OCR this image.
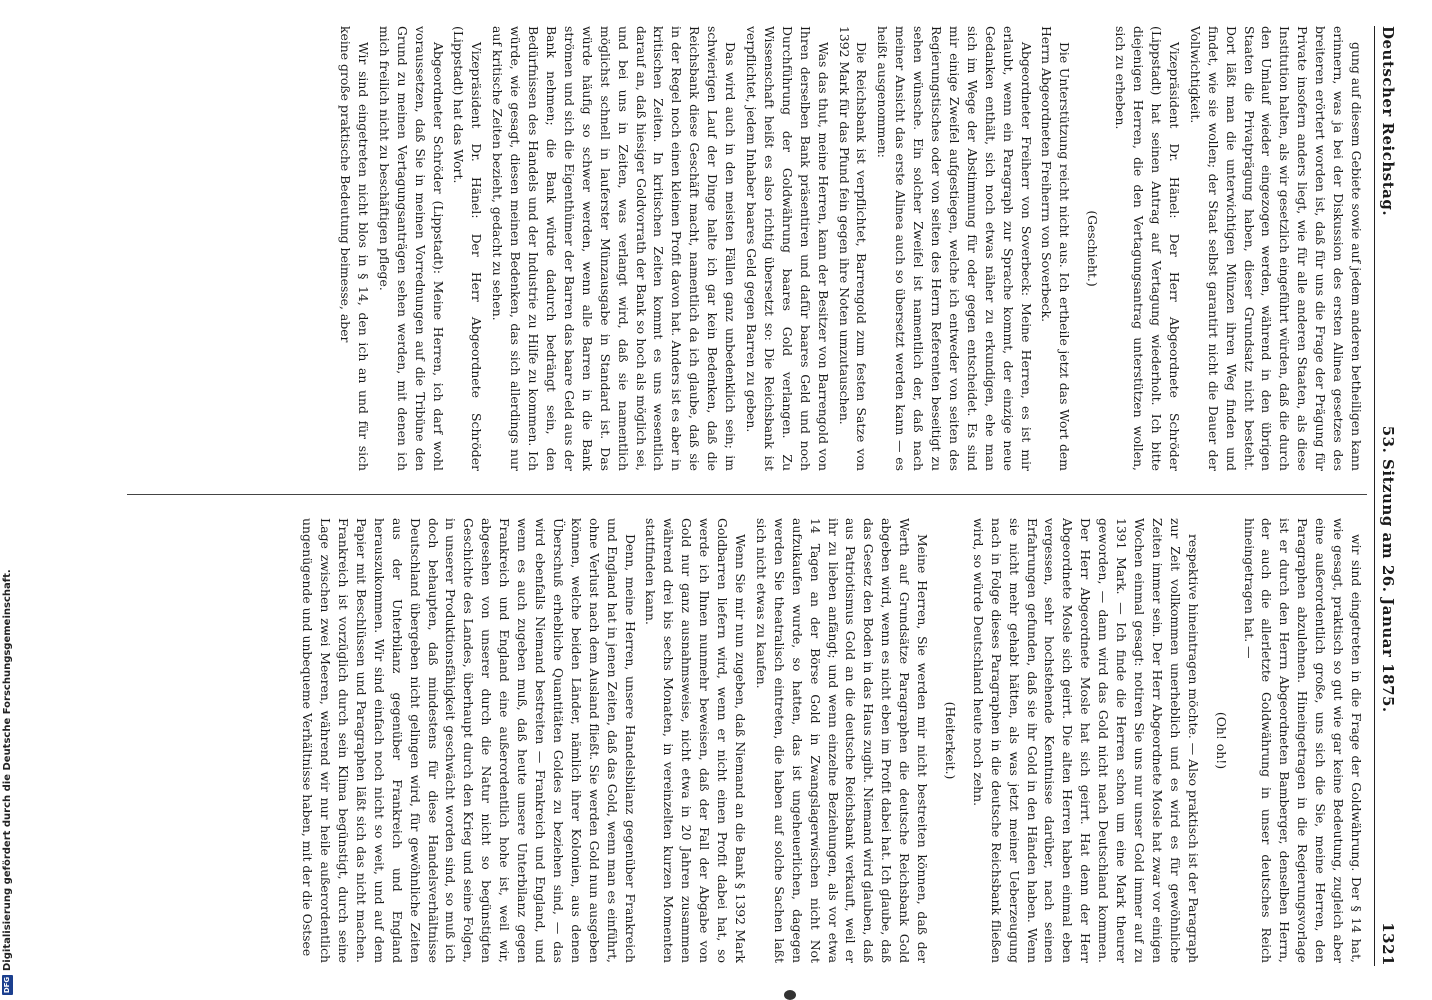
Deutscher Reichstag.
53. Sitzung am 26. Januar 1875.
1321

gung auf diesem Gebiete sowie auf jedem anderen betheiligen kann erinnern, was ja bei der Diskussion des ersten Alinea gesetzes des breiteren erörtert worden ist, daß für uns die Frage der Prägung für Private insofern anders liegt, wie für alle anderen Staaten, als diese Institution halten, als wir gesetzlich eingeführt würden, daß die durch den Umlauf wieder eingezogen werden, während in den übrigen Staaten die Privatprägung haben, dieser Grundsatz nicht besteht. Dort läßt man die unterwichtigen Münzen ihren Weg finden und findet, wie sie wollen; der Staat selbst garantirt nicht die Dauer der Vollwichtigkeit.

Vizepräsident Dr. Hänel: Der Herr Abgeordnete Schröder (Lippstadt) hat seinen Antrag auf Vertagung wiederholt. Ich bitte diejenigen Herren, die den Vertagungsantrag unterstützen wollen, sich zu erheben.

(Geschieht.)

Die Unterstützung reicht nicht aus. Ich ertheile jetzt das Wort dem Herrn Abgeordneten Freiherrn von Soverbeck.

Abgeordneter Freiherr von Soverbeck: Meine Herren, es ist mir erlaubt, wenn ein Paragraph zur Sprache kommt, der einzige neue Gedanken enthält, sich noch etwas näher zu erkundigen, ehe man sich im Wege der Abstimmung für oder gegen entscheidet. Es sind mir einige Zweifel aufgestiegen, welche ich entweder von seiten des Regierungstisches oder von seiten des Herrn Referenten beseitigt zu sehen wünsche. Ein solcher Zweifel ist namentlich der, daß nach meiner Ansicht das erste Alinea auch so übersetzt werden kann — es heißt ausgenommen:

Die Reichsbank ist verpflichtet, Barrengold zum festen Satze von 1392 Mark für das Pfund fein gegen ihre Noten umzutauschen.

Was das thut, meine Herren, kann der Besitzer von Barrengold von Ihren derselben Bank präsentiren und dafür baares Geld und noch Durchführung der Goldwährung baares Gold verlangen. Zu Wissenschaft heißt es also richtig übersetzt so: Die Reichsbank ist verpflichtet, jedem Inhaber baares Geld gegen Barren zu geben.

Das wird auch in den meisten Fällen ganz unbedenklich sein; im schwierigen Lauf der Dinge halte ich gar kein Bedenken, daß die Reichsbank diese Geschäft macht, namentlich da ich glaube, daß sie in der Regel noch einen kleinen Profit davon hat. Anders ist es aber in kritischen Zeiten. In kritischen Zeiten kommt es uns wesentlich darauf an, daß hiesiger Goldvorrath der Bank so hoch als möglich sei, und bei uns in Zeiten, was verlangt wird, daß sie namentlich möglichst schnell in lauferster Münzausgabe in Standard ist. Das würde häufig so schwer werden, wenn alle Barren in die Bank strömen und sich die Eigenthümer der Barren das baare Geld aus der Bank nehmen; die Bank würde dadurch bedrängt sein, den Bedürfnissen des Handels und der Industrie zu Hilfe zu kommen. Ich würde, wie gesagt, diesen meinen Bedenken, das sich allerdings nur auf kritische Zeiten bezieht, gedacht zu sehen.

Vizepräsident Dr. Hänel: Der Herr Abgeordnete Schröder (Lippstadt) hat das Wort.

Abgeordneter Schröder (Lippstadt): Meine Herren, ich darf wohl voraussetzen, daß Sie in meinen Vorrednungen auf die Tribüne den Grund zu meinen Vertagungsanträgen sehen werden, mit denen ich mich freilich nicht zu beschäftigen pflege.

Wir sind eingetreten nicht blos in § 14, den ich an und für sich keine große praktische Bedeutung beimesse, aber

wir sind eingetreten in die Frage der Goldwährung. Der § 14 hat, wie gesagt, praktisch so gut wie gar keine Bedeutung, zugleich aber eine außerordentlich große, uns sich die Sie, meine Herren, den Paragraphen abzulehnen. Hineingetragen in die Regierungsvorlage ist er durch den Herrn Abgeordneten Bamberger, denselben Herrn, der auch die allerletzte Goldwährung in unser deutsches Reich hineingetragen hat. —

(Oh! oh!)

respektive hineintragen möchte. — Also praktisch ist der Paragraph zur Zeit vollkommen unerheblich und es wird es für gewöhnliche Zeiten immer sein. Der Herr Abgeordnete Mosle hat zwar vor einigen Wochen einmal gesagt: notiren Sie uns nur unser Gold immer auf zu 1391 Mark. — Ich finde die Herren schon um eine Mark theurer geworden, — dann wird das Gold nicht nach Deutschland kommen. Der Herr Abgeordnete Mosle hat sich geirrt. Hat denn der Herr Abgeordnete Mosle sich geirrt. Die alten Herren haben einmal eben vergessen, sehr hochstehende Kenntnisse darüber, nach seinen Erfahrungen gefunden, daß sie ihr Gold in den Händen haben. Wenn sie nicht mehr gehabt hätten, als was jetzt meiner Ueberzeugung nach in Folge dieses Paragraphen in die deutsche Reichsbank fließen wird, so würde Deutschland heute noch zehn.

(Heiterkeit.)

Meine Herren, Sie werden mir nicht bestreiten können, daß der Werth auf Grundsätze Paragraphen die deutsche Reichsbank Gold abgeben wird, wenn es nicht eben im Profit dabei hat. Ich glaube, daß das Gesetz den Boden in das Haus zugibt. Niemand wird glauben, daß aus Patriotismus Gold an die deutsche Reichsbank verkauft, weil er ihr zu lieben anfängt; und wenn einzelne Beziehungen, als vor etwa 14 Tagen an der Börse Gold in Zwangslagerwischen nicht Not aufzukaufen wurde, so hatten, das ist ungeheuerlichen, dagegen werden Sie theatralisch eintreten, die haben auf solche Sachen laßt sich nicht etwas zu kaufen.

Wenn Sie mir nun zugeben, daß Niemand an die Bank § 1392 Mark Goldbarren liefern wird, wenn er nicht einen Profit dabei hat, so werde ich Ihnen nunmehr beweisen, daß der Fall der Abgabe von Gold nur ganz ausnahmsweise, nicht etwa in 20 Jahren zusammen während drei bis sechs Monaten, in vereinzelten kurzen Momenten stattfinden kann.

Denn, meine Herren, unsere Handelsbilanz gegenüber Frankreich und England hat in jenen Zeiten, daß das Gold, wenn man es einführt, ohne Verlust nach dem Ausland fließt. Sie werden Gold nun ausgeben können, welche beiden Länder, nämlich ihrer Kolonien, aus denen Überschuß erhebliche Quantitäten Goldes zu beziehen sind, — das wird ebenfalls Niemand bestreiten — Frankreich und England, und wenn es auch zugeben muß, daß heute unsere Unterbilanz gegen Frankreich und England eine außerordentlich hohe ist, weil wir, abgesehen von unserer durch die Natur nicht so begünstigten Geschichte des Landes, überhaupt durch den Krieg und seine Folgen, in unserer Produktionsfähigkeit geschwächt worden sind, so muß ich doch behaupten, daß mindestens für diese Handelsverhältnisse Deutschland übergeben nicht gelingen wird, für gewöhnliche Zeiten aus der Unterbilanz gegenüber Frankreich und England herauszukommen. Wir sind einfach noch nicht so weit, und auf dem Papier mit Beschlüssen und Paragraphen läßt sich das nicht machen. Frankreich ist vorzüglich durch sein Klima begünstigt, durch seine Lage zwischen zwei Meeren, während wir nur heile außerordentlich ungenügende und unbequeme Verhältnisse haben, mit der die Ostsee

DFG
Digitalisierung gefördert durch die Deutsche Forschungsgemeinschaft.
